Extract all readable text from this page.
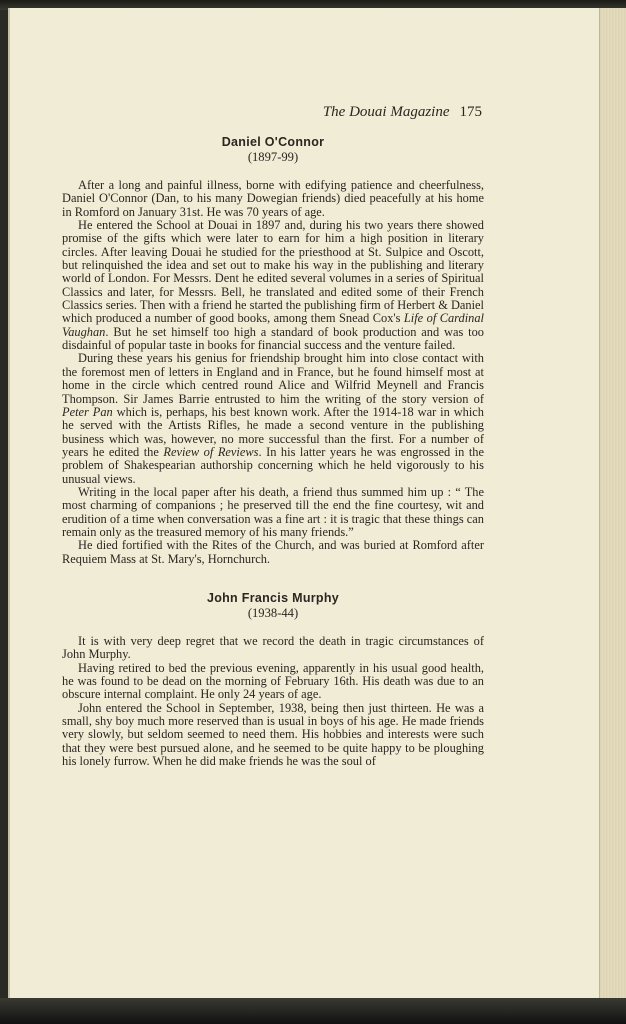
The Douai Magazine 175
Daniel O'Connor
(1897-99)

After a long and painful illness, borne with edifying patience and cheerfulness, Daniel O'Connor (Dan, to his many Dowegian friends) died peacefully at his home in Romford on January 31st. He was 70 years of age.

He entered the School at Douai in 1897 and, during his two years there showed promise of the gifts which were later to earn for him a high position in literary circles. After leaving Douai he studied for the priesthood at St. Sulpice and Oscott, but relinquished the idea and set out to make his way in the publishing and literary world of London. For Messrs. Dent he edited several volumes in a series of Spiritual Classics and later, for Messrs. Bell, he translated and edited some of their French Classics series. Then with a friend he started the publishing firm of Herbert & Daniel which produced a number of good books, among them Snead Cox's Life of Cardinal Vaughan. But he set himself too high a standard of book production and was too disdainful of popular taste in books for financial success and the venture failed.

During these years his genius for friendship brought him into close contact with the foremost men of letters in England and in France, but he found himself most at home in the circle which centred round Alice and Wilfrid Meynell and Francis Thompson. Sir James Barrie entrusted to him the writing of the story version of Peter Pan which is, perhaps, his best known work. After the 1914-18 war in which he served with the Artists Rifles, he made a second venture in the publishing business which was, however, no more successful than the first. For a number of years he edited the Review of Reviews. In his latter years he was engrossed in the problem of Shakespearian authorship concerning which he held vigorously to his unusual views.

Writing in the local paper after his death, a friend thus summed him up : “ The most charming of companions ; he preserved till the end the fine courtesy, wit and erudition of a time when conversation was a fine art : it is tragic that these things can remain only as the treasured memory of his many friends.”

He died fortified with the Rites of the Church, and was buried at Romford after Requiem Mass at St. Mary's, Hornchurch.

John Francis Murphy
(1938-44)

It is with very deep regret that we record the death in tragic circumstances of John Murphy.

Having retired to bed the previous evening, apparently in his usual good health, he was found to be dead on the morning of February 16th. His death was due to an obscure internal complaint. He only 24 years of age.

John entered the School in September, 1938, being then just thirteen. He was a small, shy boy much more reserved than is usual in boys of his age. He made friends very slowly, but seldom seemed to need them. His hobbies and interests were such that they were best pursued alone, and he seemed to be quite happy to be ploughing his lonely furrow. When he did make friends he was the soul of
